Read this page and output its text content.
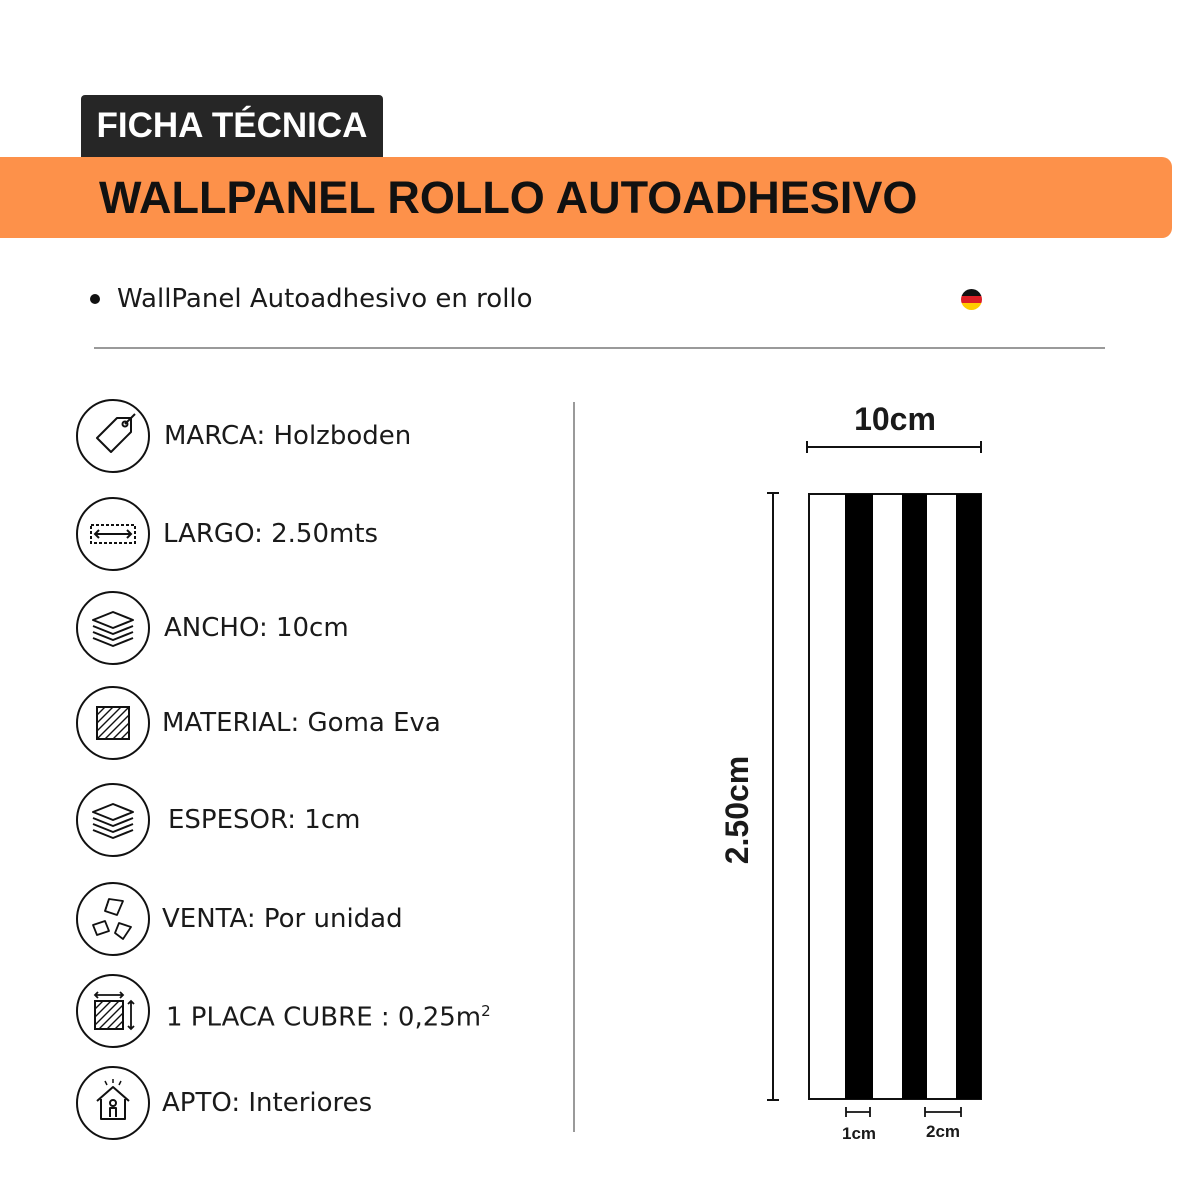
FICHA TÉCNICA
WALLPANEL ROLLO AUTOADHESIVO
WallPanel Autoadhesivo en rollo
MARCA: Holzboden
LARGO: 2.50mts
ANCHO: 10cm
MATERIAL: Goma Eva
ESPESOR: 1cm
VENTA: Por unidad
1 PLACA CUBRE : $0,25m^2$
APTO: Interiores
10cm
2.50cm
1cm	2cm
